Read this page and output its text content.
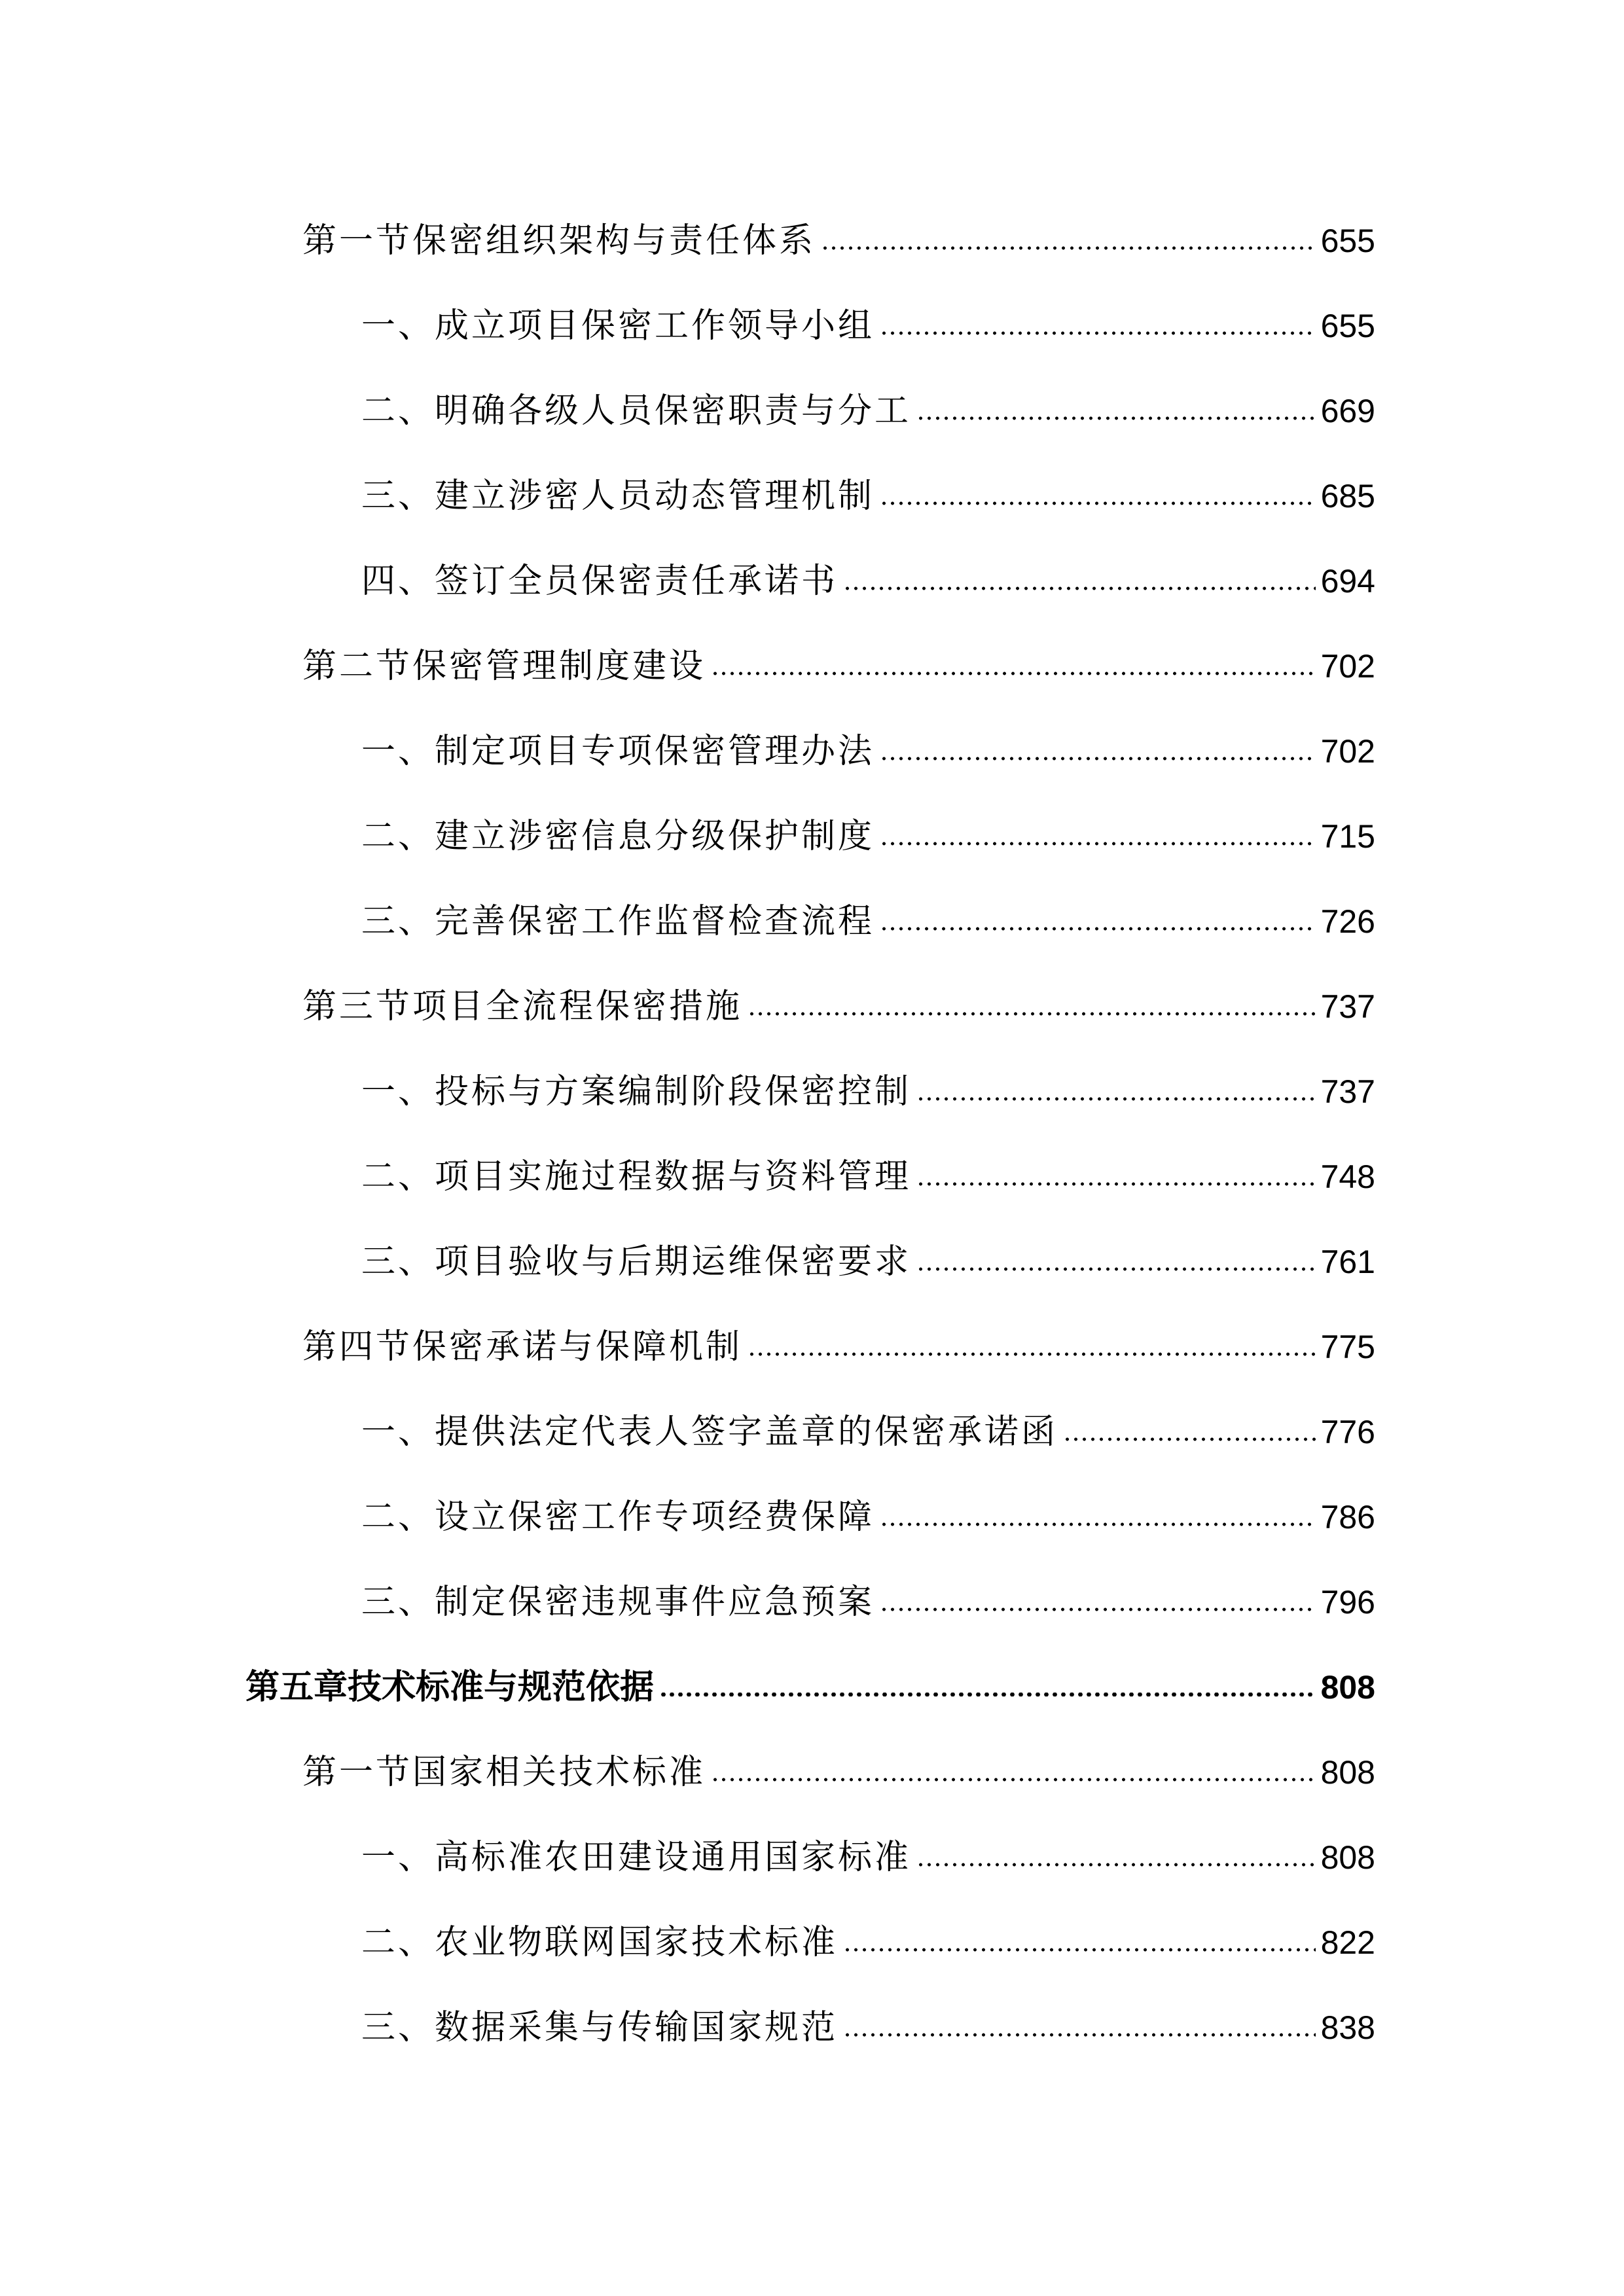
第一节保密组织架构与责任体系	655
一、成立项目保密工作领导小组	655
二、明确各级人员保密职责与分工	669
三、建立涉密人员动态管理机制	685
四、签订全员保密责任承诺书	694
第二节保密管理制度建设	702
一、制定项目专项保密管理办法	702
二、建立涉密信息分级保护制度	715
三、完善保密工作监督检查流程	726
第三节项目全流程保密措施	737
一、投标与方案编制阶段保密控制	737
二、项目实施过程数据与资料管理	748
三、项目验收与后期运维保密要求	761
第四节保密承诺与保障机制	775
一、提供法定代表人签字盖章的保密承诺函	776
二、设立保密工作专项经费保障	786
三、制定保密违规事件应急预案	796
第五章技术标准与规范依据	808
第一节国家相关技术标准	808
一、高标准农田建设通用国家标准	808
二、农业物联网国家技术标准	822
三、数据采集与传输国家规范	838
